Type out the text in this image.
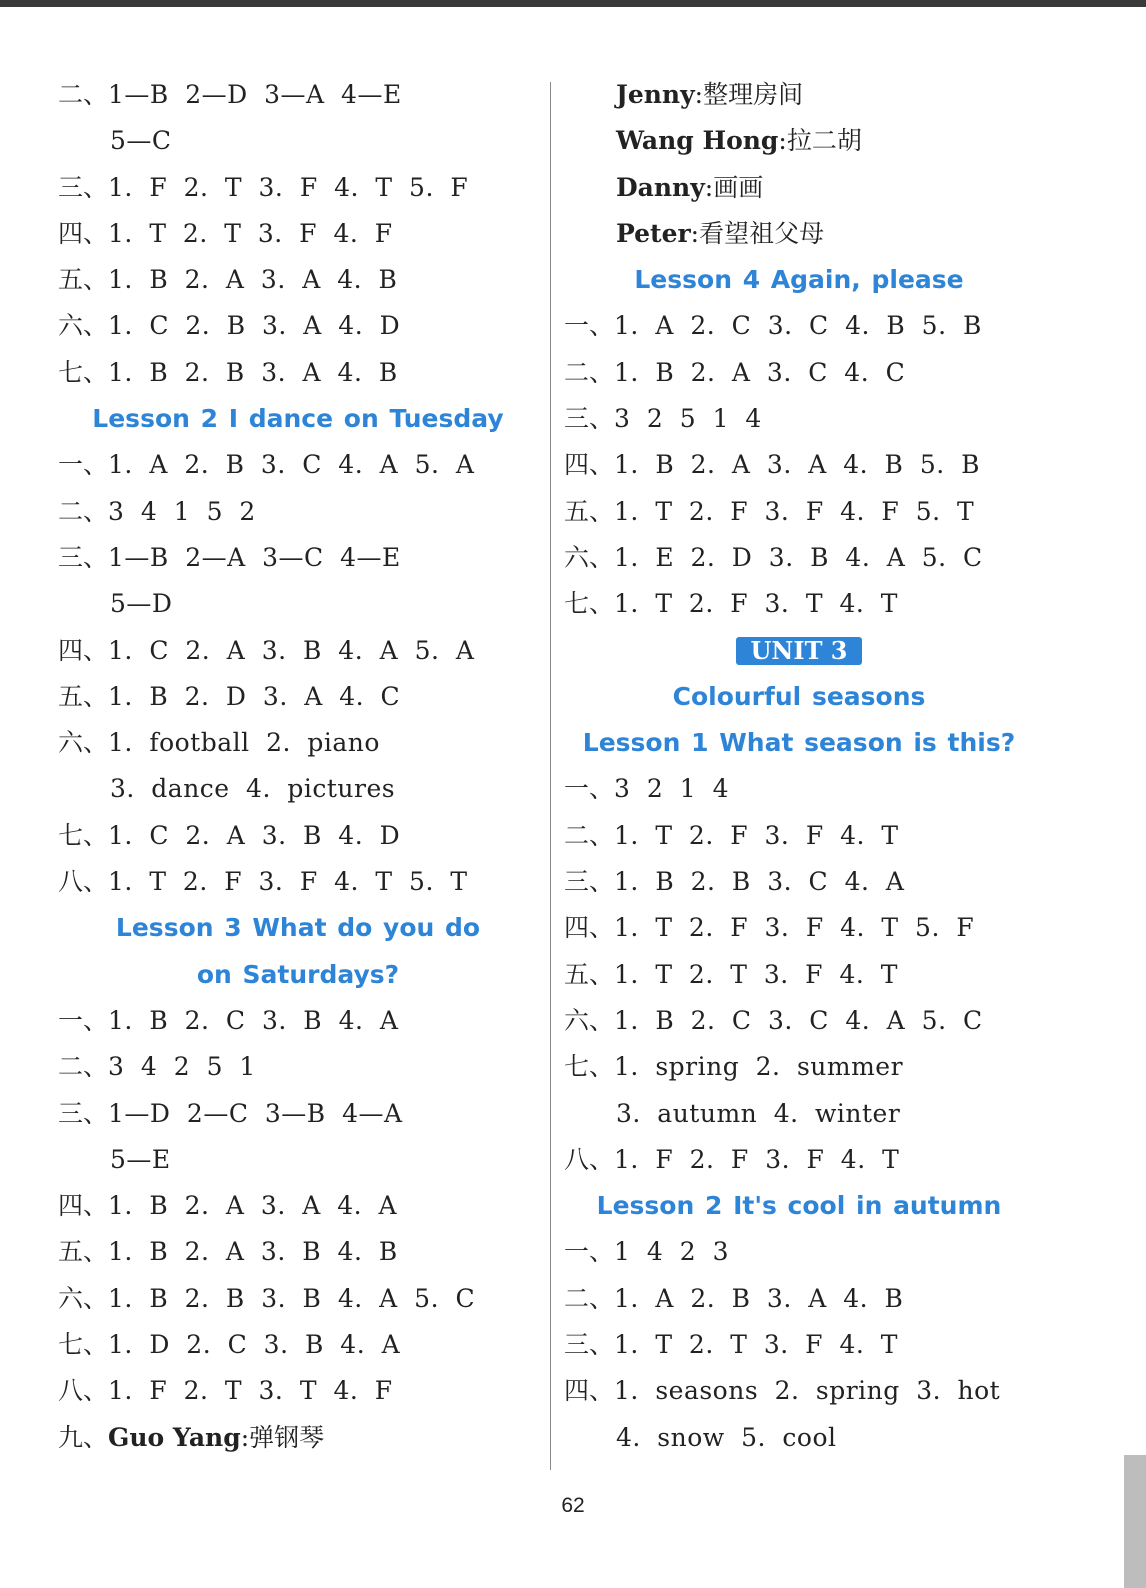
二、1—B 2—D 3—A 4—E
5—C
三、1. F 2. T 3. F 4. T 5. F
四、1. T 2. T 3. F 4. F
五、1. B 2. A 3. A 4. B
六、1. C 2. B 3. A 4. D
七、1. B 2. B 3. A 4. B
Lesson 2 I dance on Tuesday
一、1. A 2. B 3. C 4. A 5. A
二、3 4 1 5 2
三、1—B 2—A 3—C 4—E
5—D
四、1. C 2. A 3. B 4. A 5. A
五、1. B 2. D 3. A 4. C
六、1. football 2. piano
3. dance 4. pictures
七、1. C 2. A 3. B 4. D
八、1. T 2. F 3. F 4. T 5. T
Lesson 3 What do you do
on Saturdays?
一、1. B 2. C 3. B 4. A
二、3 4 2 5 1
三、1—D 2—C 3—B 4—A
5—E
四、1. B 2. A 3. A 4. A
五、1. B 2. A 3. B 4. B
六、1. B 2. B 3. B 4. A 5. C
七、1. D 2. C 3. B 4. A
八、1. F 2. T 3. T 4. F
九、Guo Yang:弹钢琴
Jenny:整理房间
Wang Hong:拉二胡
Danny:画画
Peter:看望祖父母
Lesson 4 Again, please
一、1. A 2. C 3. C 4. B 5. B
二、1. B 2. A 3. C 4. C
三、3 2 5 1 4
四、1. B 2. A 3. A 4. B 5. B
五、1. T 2. F 3. F 4. F 5. T
六、1. E 2. D 3. B 4. A 5. C
七、1. T 2. F 3. T 4. T
UNIT 3
Colourful seasons
Lesson 1 What season is this?
一、3 2 1 4
二、1. T 2. F 3. F 4. T
三、1. B 2. B 3. C 4. A
四、1. T 2. F 3. F 4. T 5. F
五、1. T 2. T 3. F 4. T
六、1. B 2. C 3. C 4. A 5. C
七、1. spring 2. summer
3. autumn 4. winter
八、1. F 2. F 3. F 4. T
Lesson 2 It's cool in autumn
一、1 4 2 3
二、1. A 2. B 3. A 4. B
三、1. T 2. T 3. F 4. T
四、1. seasons 2. spring 3. hot
4. snow 5. cool
62
